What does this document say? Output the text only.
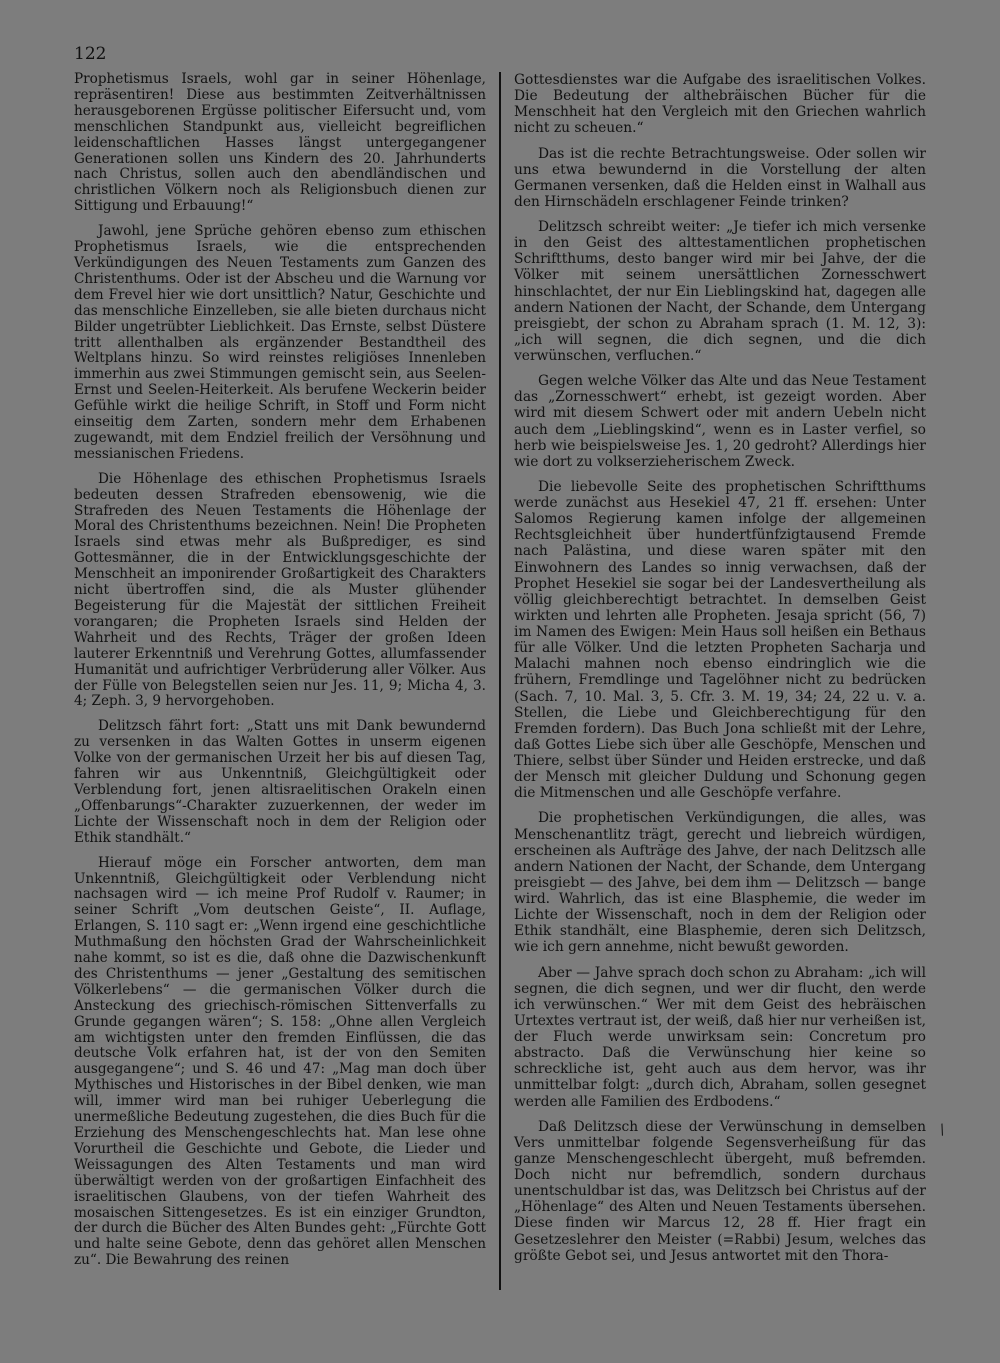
122

Prophetismus Israels, wohl gar in seiner Höhenlage, repräsentiren! Diese aus bestimmten Zeitverhältnissen herausgeborenen Ergüsse politischer Eifersucht und, vom menschlichen Standpunkt aus, vielleicht begreiflichen leidenschaftlichen Hasses längst untergegangener Generationen sollen uns Kindern des 20. Jahrhunderts nach Christus, sollen auch den abendländischen und christlichen Völkern noch als Religionsbuch dienen zur Sittigung und Erbauung!“

Jawohl, jene Sprüche gehören ebenso zum ethischen Prophetismus Israels, wie die entsprechenden Verkündigungen des Neuen Testaments zum Ganzen des Christenthums. Oder ist der Abscheu und die Warnung vor dem Frevel hier wie dort unsittlich? Natur, Geschichte und das menschliche Einzelleben, sie alle bieten durchaus nicht Bilder ungetrübter Lieblichkeit. Das Ernste, selbst Düstere tritt allenthalben als ergänzender Bestandtheil des Weltplans hinzu. So wird reinstes religiöses Innenleben immerhin aus zwei Stimmungen gemischt sein, aus Seelen-Ernst und Seelen-Heiterkeit. Als berufene Weckerin beider Gefühle wirkt die heilige Schrift, in Stoff und Form nicht einseitig dem Zarten, sondern mehr dem Erhabenen zugewandt, mit dem Endziel freilich der Versöhnung und messianischen Friedens.

Die Höhenlage des ethischen Prophetismus Israels bedeuten dessen Strafreden ebensowenig, wie die Strafreden des Neuen Testaments die Höhenlage der Moral des Christenthums bezeichnen. Nein! Die Propheten Israels sind etwas mehr als Bußprediger, es sind Gottesmänner, die in der Entwicklungsgeschichte der Menschheit an imponirender Großartigkeit des Charakters nicht übertroffen sind, die als Muster glühender Begeisterung für die Majestät der sittlichen Freiheit vorangaren; die Propheten Israels sind Helden der Wahrheit und des Rechts, Träger der großen Ideen lauterer Erkenntniß und Verehrung Gottes, allumfassender Humanität und aufrichtiger Verbrüderung aller Völker. Aus der Fülle von Belegstellen seien nur Jes. 11, 9; Micha 4, 3. 4; Zeph. 3, 9 hervorgehoben.

Delitzsch fährt fort: „Statt uns mit Dank bewundernd zu versenken in das Walten Gottes in unserm eigenen Volke von der germanischen Urzeit her bis auf diesen Tag, fahren wir aus Unkenntniß, Gleichgültigkeit oder Verblendung fort, jenen altisraelitischen Orakeln einen „Offenbarungs“-Charakter zuzuerkennen, der weder im Lichte der Wissenschaft noch in dem der Religion oder Ethik standhält.“

Hierauf möge ein Forscher antworten, dem man Unkenntniß, Gleichgültigkeit oder Verblendung nicht nachsagen wird — ich meine Prof Rudolf v. Raumer; in seiner Schrift „Vom deutschen Geiste“, II. Auflage, Erlangen, S. 110 sagt er: „Wenn irgend eine geschichtliche Muthmaßung den höchsten Grad der Wahrscheinlichkeit nahe kommt, so ist es die, daß ohne die Dazwischenkunft des Christenthums — jener „Gestaltung des semitischen Völkerlebens“ — die germanischen Völker durch die Ansteckung des griechisch-römischen Sittenverfalls zu Grunde gegangen wären“; S. 158: „Ohne allen Vergleich am wichtigsten unter den fremden Einflüssen, die das deutsche Volk erfahren hat, ist der von den Semiten ausgegangene“; und S. 46 und 47: „Mag man doch über Mythisches und Historisches in der Bibel denken, wie man will, immer wird man bei ruhiger Ueberlegung die unermeßliche Bedeutung zugestehen, die dies Buch für die Erziehung des Menschengeschlechts hat. Man lese ohne Vorurtheil die Geschichte und Gebote, die Lieder und Weissagungen des Alten Testaments und man wird überwältigt werden von der großartigen Einfachheit des israelitischen Glaubens, von der tiefen Wahrheit des mosaischen Sittengesetzes. Es ist ein einziger Grundton, der durch die Bücher des Alten Bundes geht: „Fürchte Gott und halte seine Gebote, denn das gehöret allen Menschen zu“. Die Bewahrung des reinen

Gottesdienstes war die Aufgabe des israelitischen Volkes. Die Bedeutung der althebräischen Bücher für die Menschheit hat den Vergleich mit den Griechen wahrlich nicht zu scheuen.“

Das ist die rechte Betrachtungsweise. Oder sollen wir uns etwa bewundernd in die Vorstellung der alten Germanen versenken, daß die Helden einst in Walhall aus den Hirnschädeln erschlagener Feinde trinken?

Delitzsch schreibt weiter: „Je tiefer ich mich versenke in den Geist des alttestamentlichen prophetischen Schriftthums, desto banger wird mir bei Jahve, der die Völker mit seinem unersättlichen Zornesschwert hinschlachtet, der nur Ein Lieblingskind hat, dagegen alle andern Nationen der Nacht, der Schande, dem Untergang preisgiebt, der schon zu Abraham sprach (1. M. 12, 3): „ich will segnen, die dich segnen, und die dich verwünschen, verfluchen.“

Gegen welche Völker das Alte und das Neue Testament das „Zornesschwert“ erhebt, ist gezeigt worden. Aber wird mit diesem Schwert oder mit andern Uebeln nicht auch dem „Lieblingskind“, wenn es in Laster verfiel, so herb wie beispielsweise Jes. 1, 20 gedroht? Allerdings hier wie dort zu volkserzieherischem Zweck.

Die liebevolle Seite des prophetischen Schriftthums werde zunächst aus Hesekiel 47, 21 ff. ersehen: Unter Salomos Regierung kamen infolge der allgemeinen Rechtsgleichheit über hundertfünfzigtausend Fremde nach Palästina, und diese waren später mit den Einwohnern des Landes so innig verwachsen, daß der Prophet Hesekiel sie sogar bei der Landesvertheilung als völlig gleichberechtigt betrachtet. In demselben Geist wirkten und lehrten alle Propheten. Jesaja spricht (56, 7) im Namen des Ewigen: Mein Haus soll heißen ein Bethaus für alle Völker. Und die letzten Propheten Sacharja und Malachi mahnen noch ebenso eindringlich wie die frühern, Fremdlinge und Tagelöhner nicht zu bedrücken (Sach. 7, 10. Mal. 3, 5. Cfr. 3. M. 19, 34; 24, 22 u. v. a. Stellen, die Liebe und Gleichberechtigung für den Fremden fordern). Das Buch Jona schließt mit der Lehre, daß Gottes Liebe sich über alle Geschöpfe, Menschen und Thiere, selbst über Sünder und Heiden erstrecke, und daß der Mensch mit gleicher Duldung und Schonung gegen die Mitmenschen und alle Geschöpfe verfahre.

Die prophetischen Verkündigungen, die alles, was Menschenantlitz trägt, gerecht und liebreich würdigen, erscheinen als Aufträge des Jahve, der nach Delitzsch alle andern Nationen der Nacht, der Schande, dem Untergang preisgiebt — des Jahve, bei dem ihm — Delitzsch — bange wird. Wahrlich, das ist eine Blasphemie, die weder im Lichte der Wissenschaft, noch in dem der Religion oder Ethik standhält, eine Blasphemie, deren sich Delitzsch, wie ich gern annehme, nicht bewußt geworden.

Aber — Jahve sprach doch schon zu Abraham: „ich will segnen, die dich segnen, und wer dir flucht, den werde ich verwünschen.“ Wer mit dem Geist des hebräischen Urtextes vertraut ist, der weiß, daß hier nur verheißen ist, der Fluch werde unwirksam sein: Concretum pro abstracto. Daß die Verwünschung hier keine so schreckliche ist, geht auch aus dem hervor, was ihr unmittelbar folgt: „durch dich, Abraham, sollen gesegnet werden alle Familien des Erdbodens.“

Daß Delitzsch diese der Verwünschung in demselben Vers unmittelbar folgende Segensverheißung für das ganze Menschengeschlecht übergeht, muß befremden. Doch nicht nur befremdlich, sondern durchaus unentschuldbar ist das, was Delitzsch bei Christus auf der „Höhenlage“ des Alten und Neuen Testaments übersehen. Diese finden wir Marcus 12, 28 ff. Hier fragt ein Gesetzeslehrer den Meister (=Rabbi) Jesum, welches das größte Gebot sei, und Jesus antwortet mit den Thora-

/
